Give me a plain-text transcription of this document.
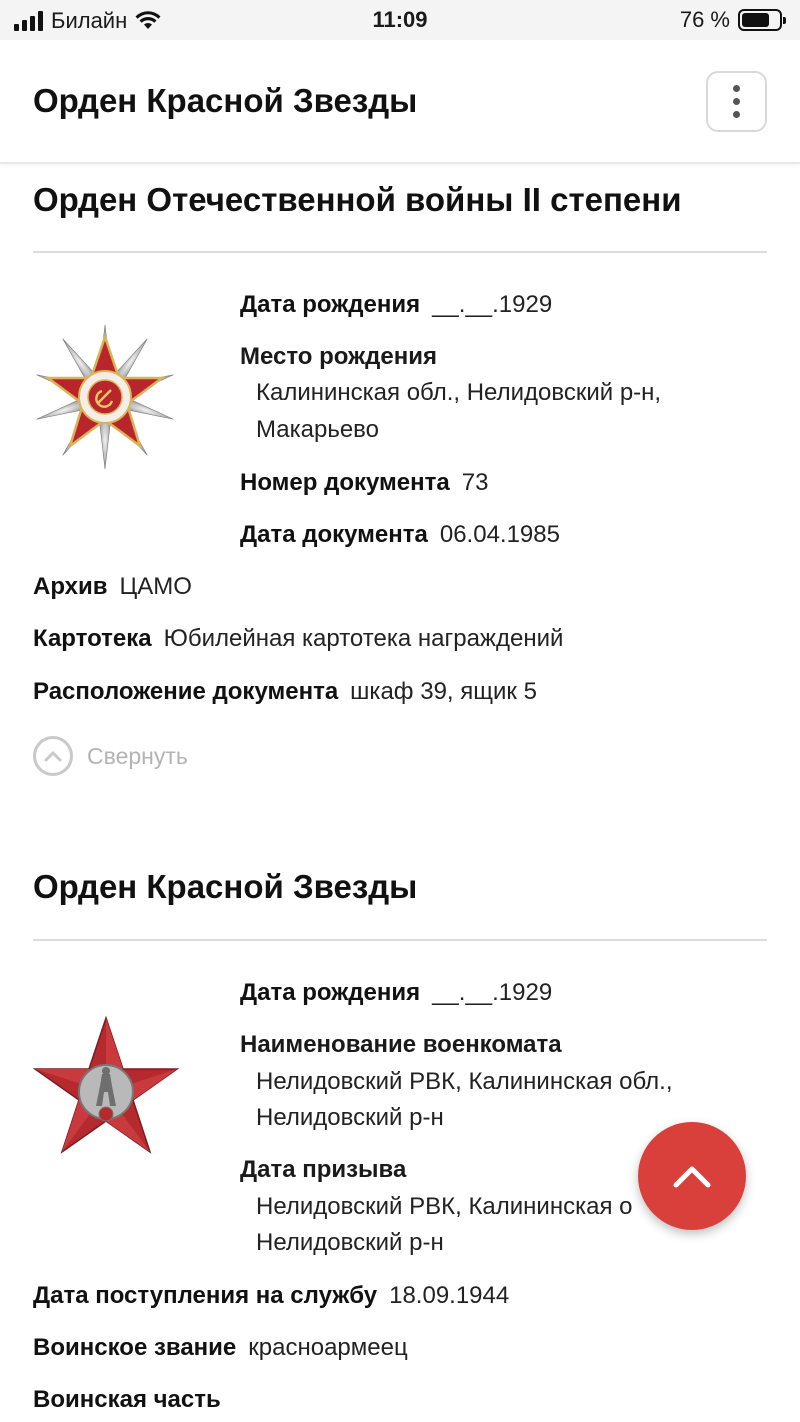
Билайн	11:09	76 %
Орден Красной Звезды
Орден Отечественной войны II степени
Дата рождения __.__.1929
Место рождения
Калининская обл., Нелидовский р-н,
Макарьево
Номер документа 73
Дата документа 06.04.1985
Архив ЦАМО
Картотека Юбилейная картотека награждений
Расположение документа шкаф 39, ящик 5
Свернуть
Орден Красной Звезды
Дата рождения __.__.1929
Наименование военкомата
Нелидовский РВК, Калининская обл.,
Нелидовский р-н
Дата призыва
Нелидовский РВК, Калининская о
Нелидовский р-н
Дата поступления на службу 18.09.1944
Воинское звание красноармеец
Воинская часть
